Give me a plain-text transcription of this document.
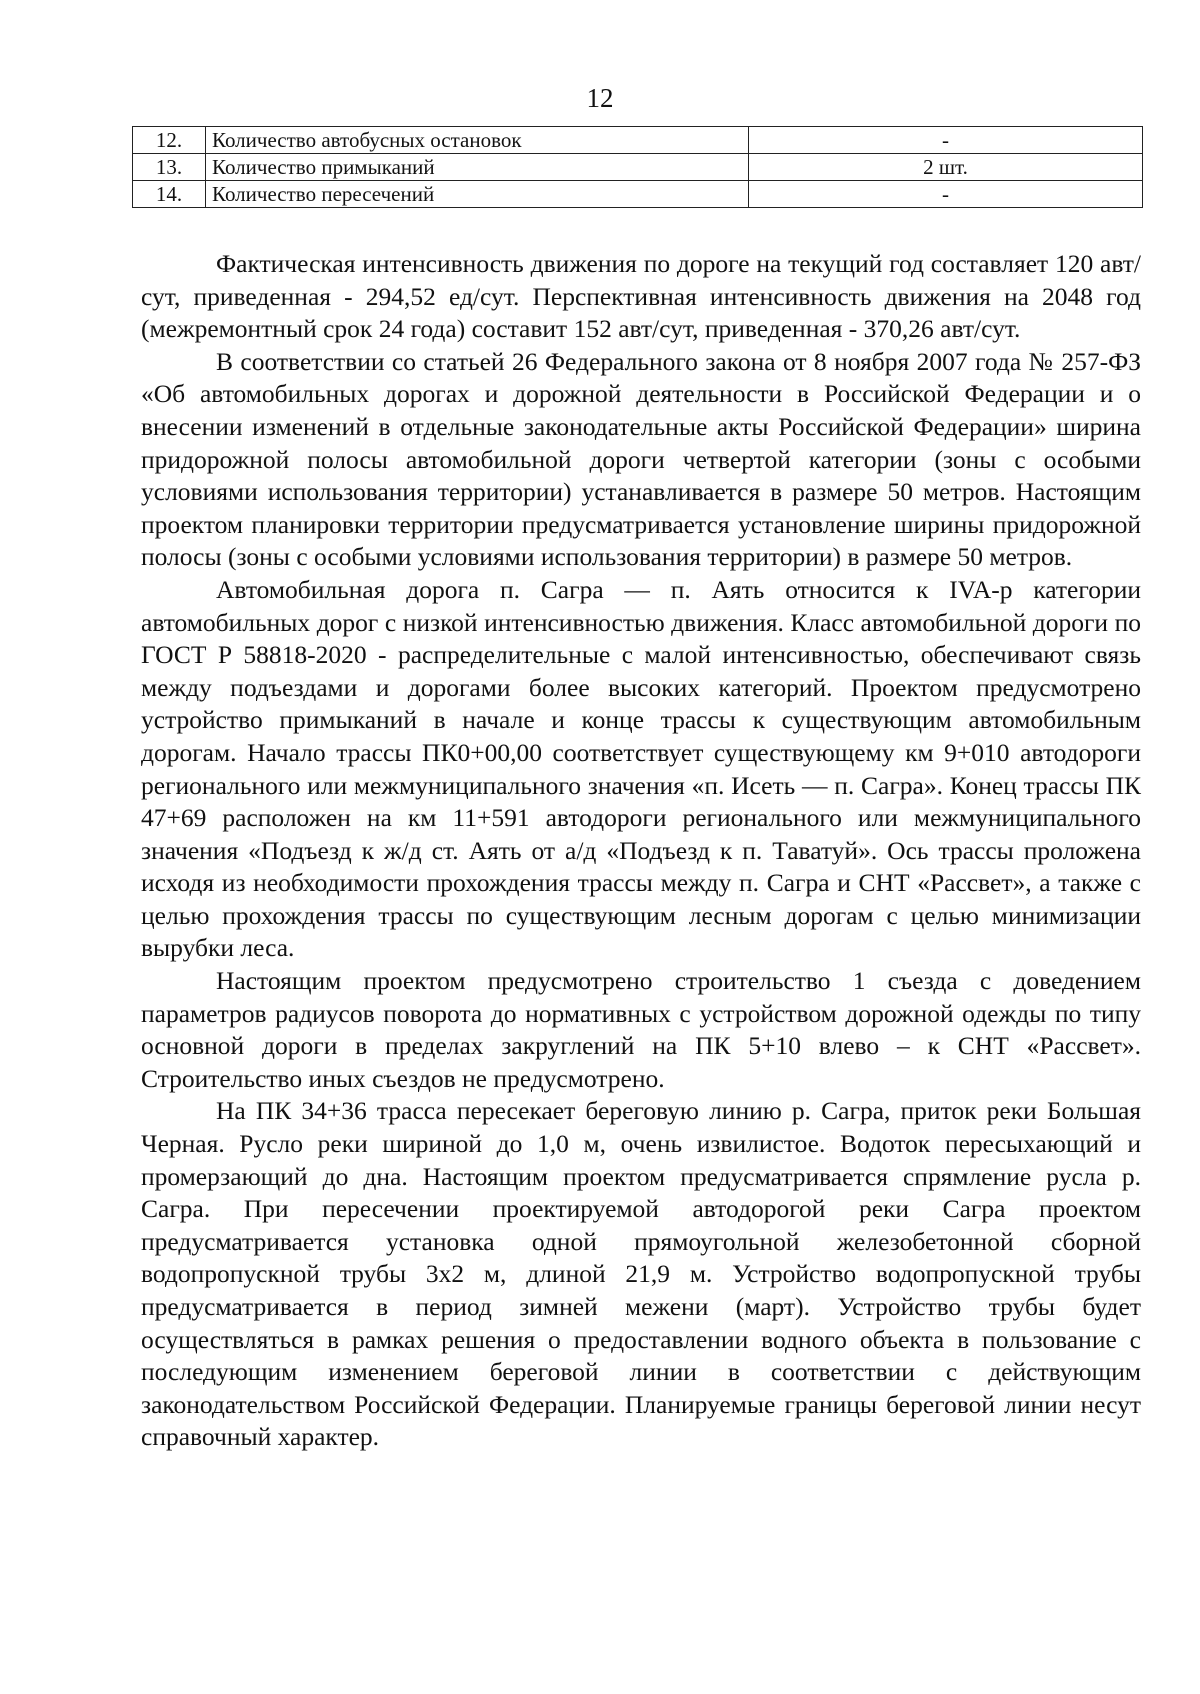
12
12.	Количество автобусных остановок	-
13.	Количество примыканий	2 шт.
14.	Количество пересечений	-

Фактическая интенсивность движения по дороге на текущий год составляет 120 авт/сут, приведенная - 294,52 ед/сут. Перспективная интенсивность движения на 2048 год (межремонтный срок 24 года) составит 152 авт/сут, приведенная - 370,26 авт/сут.

В соответствии со статьей 26 Федерального закона от 8 ноября 2007 года № 257-ФЗ «Об автомобильных дорогах и дорожной деятельности в Российской Федерации и о внесении изменений в отдельные законодательные акты Российской Федерации» ширина придорожной полосы автомобильной дороги четвертой категории (зоны с особыми условиями использования территории) устанавливается в размере 50 метров. Настоящим проектом планировки территории предусматривается установление ширины придорожной полосы (зоны с особыми условиями использования территории) в размере 50 метров.

Автомобильная дорога п. Сагра — п. Аять относится к IVA-р категории автомобильных дорог с низкой интенсивностью движения. Класс автомобильной дороги по ГОСТ Р 58818-2020 - распределительные с малой интенсивностью, обеспечивают связь между подъездами и дорогами более высоких категорий. Проектом предусмотрено устройство примыканий в начале и конце трассы к существующим автомобильным дорогам. Начало трассы ПК0+00,00 соответствует существующему км 9+010 автодороги регионального или межмуниципального значения «п. Исеть — п. Сагра». Конец трассы ПК 47+69 расположен на км 11+591 автодороги регионального или межмуниципального значения «Подъезд к ж/д ст. Аять от а/д «Подъезд к п. Таватуй». Ось трассы проложена исходя из необходимости прохождения трассы между п. Сагра и СНТ «Рассвет», а также с целью прохождения трассы по существующим лесным дорогам с целью минимизации вырубки леса.

Настоящим проектом предусмотрено строительство 1 съезда с доведением параметров радиусов поворота до нормативных с устройством дорожной одежды по типу основной дороги в пределах закруглений на ПК 5+10 влево – к СНТ «Рассвет». Строительство иных съездов не предусмотрено.

На ПК 34+36 трасса пересекает береговую линию р. Сагра, приток реки Большая Черная. Русло реки шириной до 1,0 м, очень извилистое. Водоток пересыхающий и промерзающий до дна. Настоящим проектом предусматривается спрямление русла р. Сагра. При пересечении проектируемой автодорогой реки Сагра проектом предусматривается установка одной прямоугольной железобетонной сборной водопропускной трубы 3х2 м, длиной 21,9 м. Устройство водопропускной трубы предусматривается в период зимней межени (март). Устройство трубы будет осуществляться в рамках решения о предоставлении водного объекта в пользование с последующим изменением береговой линии в соответствии с действующим законодательством Российской Федерации. Планируемые границы береговой линии несут справочный характер.
